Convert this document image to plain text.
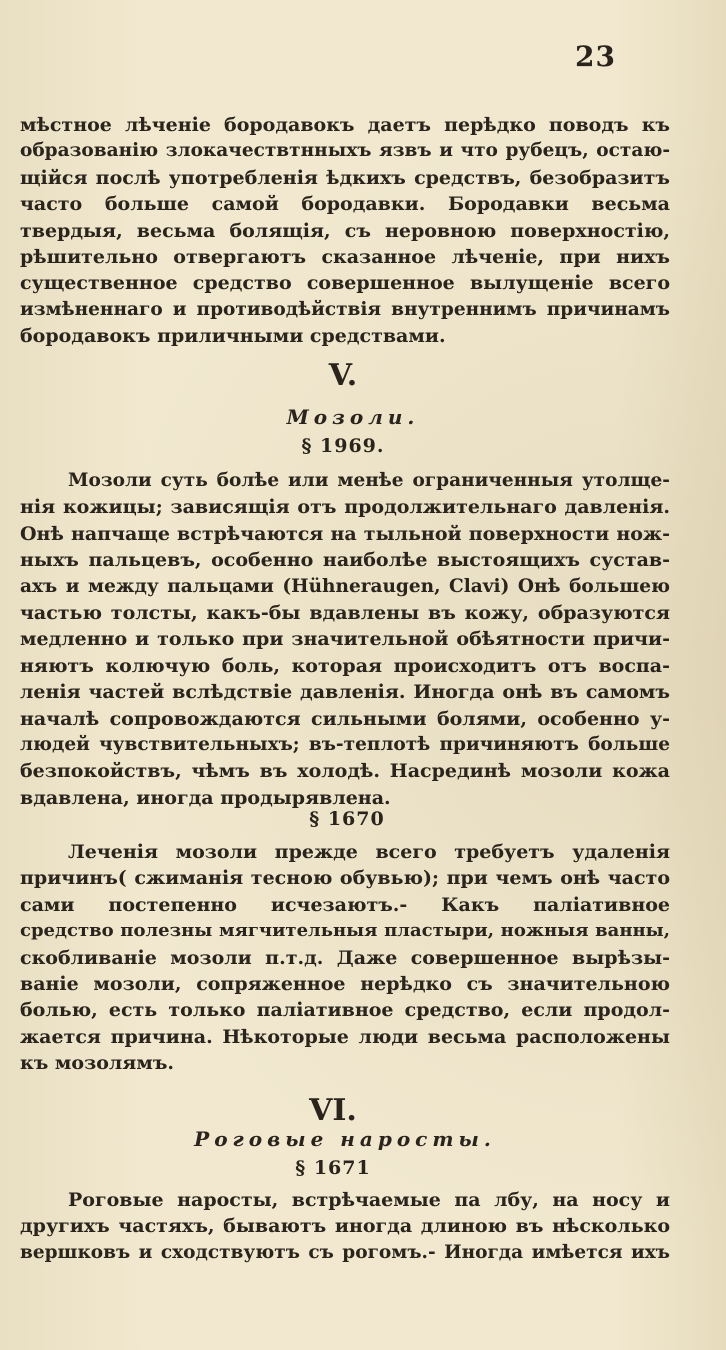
23
мѣстное лѣченіе бородавокъ даетъ перѣдко поводъ къ
образованію злокачествтнныхъ язвъ и что рубецъ, остаю-
щійся послѣ употребленія ѣдкихъ средствъ, безобразитъ
часто больше самой бородавки. Бородавки весьма
твердыя, весьма болящія, съ неровною поверхностію,
рѣшительно отвергаютъ сказанное лѣченіе, при нихъ
существенное средство совершенное вылущеніе всего
измѣненнаго и противодѣйствія внутреннимъ причинамъ
бородавокъ приличными средствами.
V.
Мозоли.
§ 1969.
Мозоли суть болѣе или менѣе ограниченныя утолще-
нія кожицы; зависящія отъ продолжительнаго давленія.
Онѣ напчаще встрѣчаются на тыльной поверхности нож-
ныхъ пальцевъ, особенно наиболѣе выстоящихъ сустав-
ахъ и между пальцами (Hühneraugen, Clavi) Онѣ большею
частью толсты, какъ-бы вдавлены въ кожу, образуются
медленно и только при значительной обѣятности причи-
няютъ колючую боль, которая происходитъ отъ воспа-
ленія частей вслѣдствіе давленія. Иногда онѣ въ самомъ
началѣ сопровождаются сильными болями, особенно у-
людей чувствительныхъ; въ-теплотѣ причиняютъ больше
безпокойствъ, чѣмъ въ холодѣ. Насрединѣ мозоли кожа
вдавлена, иногда продырявлена.
§ 1670
Леченія мозоли прежде всего требуетъ удаленія
причинъ( сжиманія тесною обувью); при чемъ онѣ часто
сами постепенно исчезаютъ.- Какъ паліативное
средство полезны мягчительныя пластыри, ножныя ванны,
скобливаніе мозоли п.т.д. Даже совершенное вырѣзы-
ваніе мозоли, сопряженное нерѣдко съ значительною
болью, есть только паліативное средство, если продол-
жается причина. Нѣкоторые люди весьма расположены
къ мозолямъ.
VI.
Роговые наросты.
§ 1671
Роговые наросты, встрѣчаемые па лбу, на носу и
другихъ частяхъ, бываютъ иногда длиною въ нѣсколько
вершковъ и сходствуютъ съ рогомъ.- Иногда имѣется ихъ
